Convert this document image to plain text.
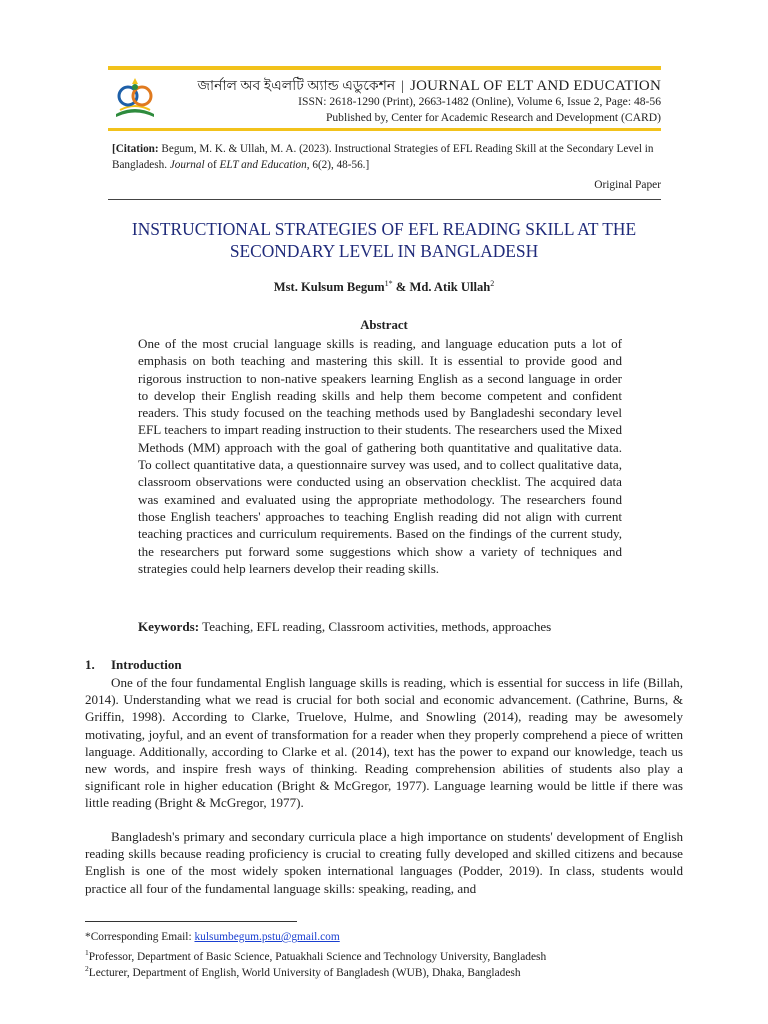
জার্নাল অব ইএলটি অ্যান্ড এডুকেশন | JOURNAL OF ELT AND EDUCATION
ISSN: 2618-1290 (Print), 2663-1482 (Online), Volume 6, Issue 2, Page: 48-56
Published by, Center for Academic Research and Development (CARD)
[Citation: Begum, M. K. & Ullah, M. A. (2023). Instructional Strategies of EFL Reading Skill at the Secondary Level in Bangladesh. Journal of ELT and Education, 6(2), 48-56.]
Original Paper
INSTRUCTIONAL STRATEGIES OF EFL READING SKILL AT THE SECONDARY LEVEL IN BANGLADESH
Mst. Kulsum Begum$^{1*}$ & Md. Atik Ullah$^2$
Abstract

One of the most crucial language skills is reading, and language education puts a lot of emphasis on both teaching and mastering this skill. It is essential to provide good and rigorous instruction to non-native speakers learning English as a second language in order to develop their English reading skills and help them become competent and confident readers. This study focused on the teaching methods used by Bangladeshi secondary level EFL teachers to impart reading instruction to their students. The researchers used the Mixed Methods (MM) approach with the goal of gathering both quantitative and qualitative data. To collect quantitative data, a questionnaire survey was used, and to collect qualitative data, classroom observations were conducted using an observation checklist. The acquired data was examined and evaluated using the appropriate methodology. The researchers found those English teachers' approaches to teaching English reading did not align with current teaching practices and curriculum requirements. Based on the findings of the current study, the researchers put forward some suggestions which show a variety of techniques and strategies could help learners develop their reading skills.

Keywords: Teaching, EFL reading, Classroom activities, methods, approaches
1. Introduction

One of the four fundamental English language skills is reading, which is essential for success in life (Billah, 2014). Understanding what we read is crucial for both social and economic advancement. (Cathrine, Burns, & Griffin, 1998). According to Clarke, Truelove, Hulme, and Snowling (2014), reading may be awesomely motivating, joyful, and an event of transformation for a reader when they properly comprehend a piece of written language. Additionally, according to Clarke et al. (2014), text has the power to expand our knowledge, teach us new words, and inspire fresh ways of thinking. Reading comprehension abilities of students also play a significant role in higher education (Bright & McGregor, 1977). Language learning would be little if there was little reading (Bright & McGregor, 1977).

Bangladesh's primary and secondary curricula place a high importance on students' development of English reading skills because reading proficiency is crucial to creating fully developed and skilled citizens and because English is one of the most widely spoken international languages (Podder, 2019). In class, students would practice all four of the fundamental language skills: speaking, reading, and

*Corresponding Email: kulsumbegum.pstu@gmail.com
$^1$Professor, Department of Basic Science, Patuakhali Science and Technology University, Bangladesh
$^2$Lecturer, Department of English, World University of Bangladesh (WUB), Dhaka, Bangladesh
